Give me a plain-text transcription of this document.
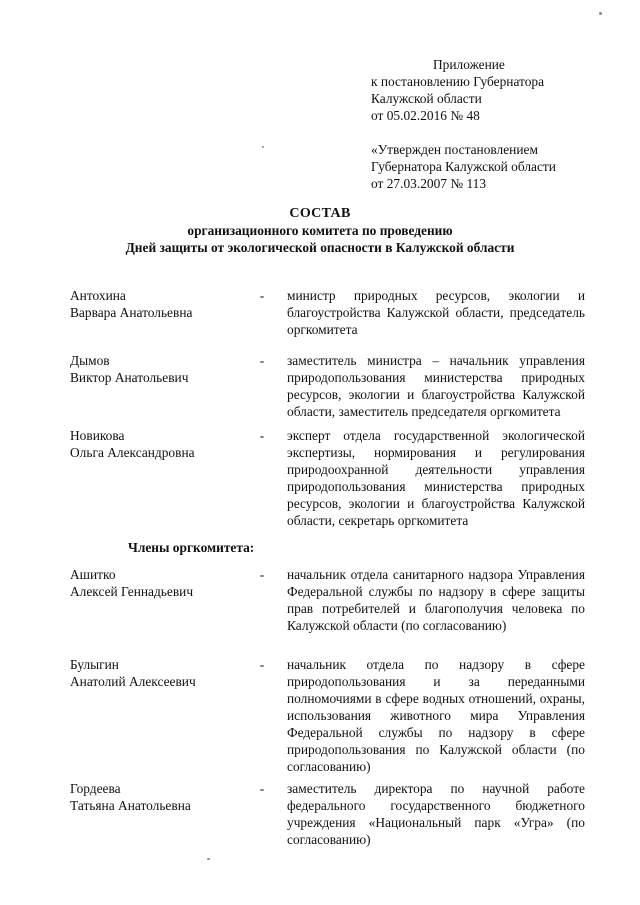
Приложение
к постановлению Губернатора
Калужской области
от 05.02.2016 № 48
«Утвержден постановлением
Губернатора Калужской области
от 27.03.2007 № 113
СОСТАВ
организационного комитета по проведению
Дней защиты от экологической опасности в Калужской области
Антохина
Варвара Анатольевна
- министр природных ресурсов, экологии и благоустройства Калужской области, председатель оргкомитета
Дымов
Виктор Анатольевич
- заместитель министра – начальник управления природопользования министерства природных ресурсов, экологии и благоустройства Калужской области, заместитель председателя оргкомитета
Новикова
Ольга Александровна
- эксперт отдела государственной экологической экспертизы, нормирования и регулирования природоохранной деятельности управления природопользования министерства природных ресурсов, экологии и благоустройства Калужской области, секретарь оргкомитета
Члены оргкомитета:
Ашитко
Алексей Геннадьевич
- начальник отдела санитарного надзора Управления Федеральной службы по надзору в сфере защиты прав потребителей и благополучия человека по Калужской области (по согласованию)
Булыгин
Анатолий Алексеевич
- начальник отдела по надзору в сфере природопользования и за переданными полномочиями в сфере водных отношений, охраны, использования животного мира Управления Федеральной службы по надзору в сфере природопользования по Калужской области (по согласованию)
Гордеева
Татьяна Анатольевна
- заместитель директора по научной работе федерального государственного бюджетного учреждения «Национальный парк «Угра» (по согласованию)
